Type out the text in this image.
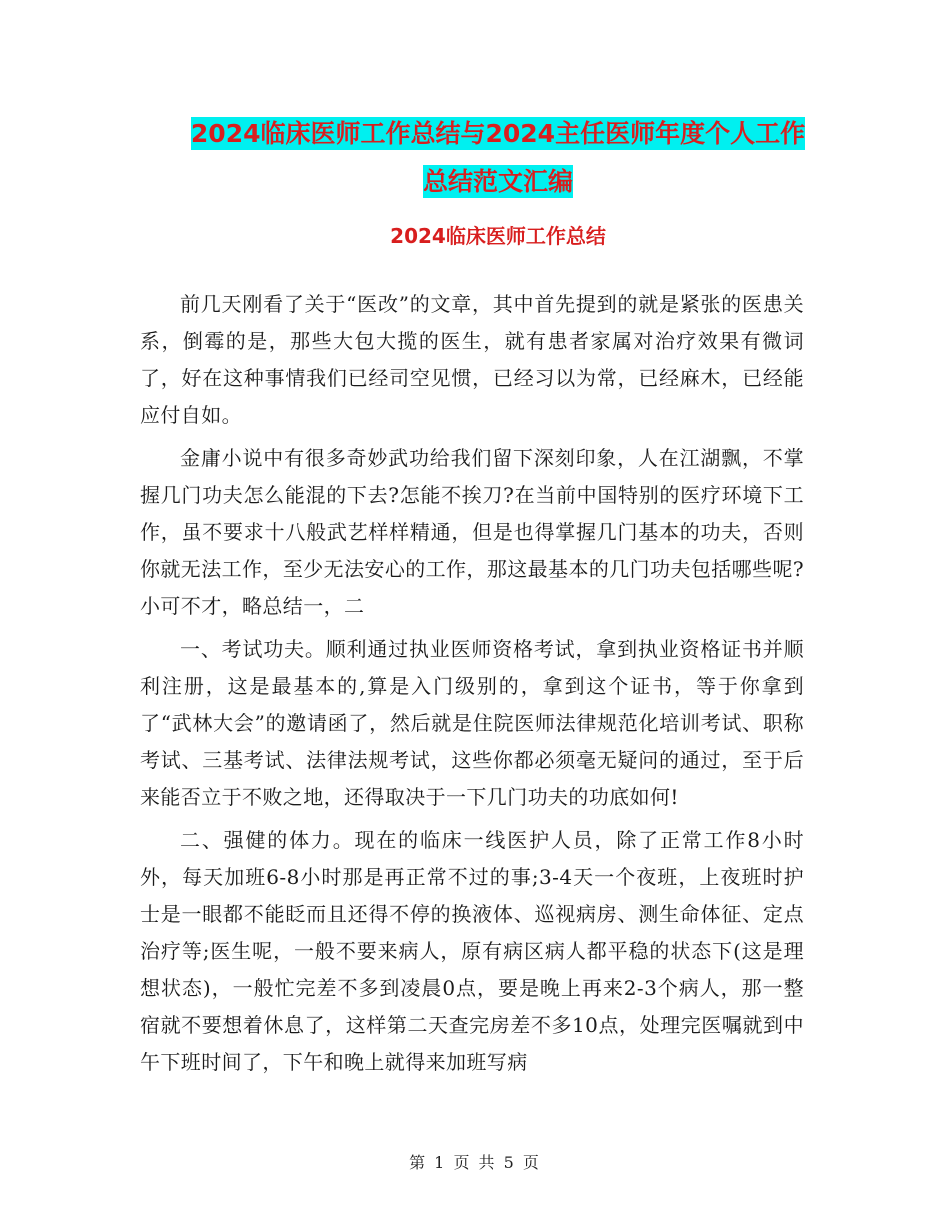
2024临床医师工作总结与2024主任医师年度个人工作
总结范文汇编
2024临床医师工作总结

前几天刚看了关于“医改”的文章，其中首先提到的就是紧张的医患关系，倒霉的是，那些大包大揽的医生，就有患者家属对治疗效果有微词了，好在这种事情我们已经司空见惯，已经习以为常，已经麻木，已经能应付自如。

金庸小说中有很多奇妙武功给我们留下深刻印象，人在江湖飘，不掌握几门功夫怎么能混的下去?怎能不挨刀?在当前中国特别的医疗环境下工作，虽不要求十八般武艺样样精通，但是也得掌握几门基本的功夫，否则你就无法工作，至少无法安心的工作，那这最基本的几门功夫包括哪些呢?小可不才，略总结一，二

一、考试功夫。顺利通过执业医师资格考试，拿到执业资格证书并顺利注册，这是最基本的,算是入门级别的，拿到这个证书，等于你拿到了“武林大会”的邀请函了，然后就是住院医师法律规范化培训考试、职称考试、三基考试、法律法规考试，这些你都必须毫无疑问的通过，至于后来能否立于不败之地，还得取决于一下几门功夫的功底如何!

二、强健的体力。现在的临床一线医护人员，除了正常工作8小时外，每天加班6-8小时那是再正常不过的事;3-4天一个夜班，上夜班时护士是一眼都不能眨而且还得不停的换液体、巡视病房、测生命体征、定点治疗等;医生呢，一般不要来病人，原有病区病人都平稳的状态下(这是理想状态)，一般忙完差不多到凌晨0点，要是晚上再来2-3个病人，那一整宿就不要想着休息了，这样第二天查完房差不多10点，处理完医嘱就到中午下班时间了，下午和晚上就得来加班写病

第 1 页 共 5 页
